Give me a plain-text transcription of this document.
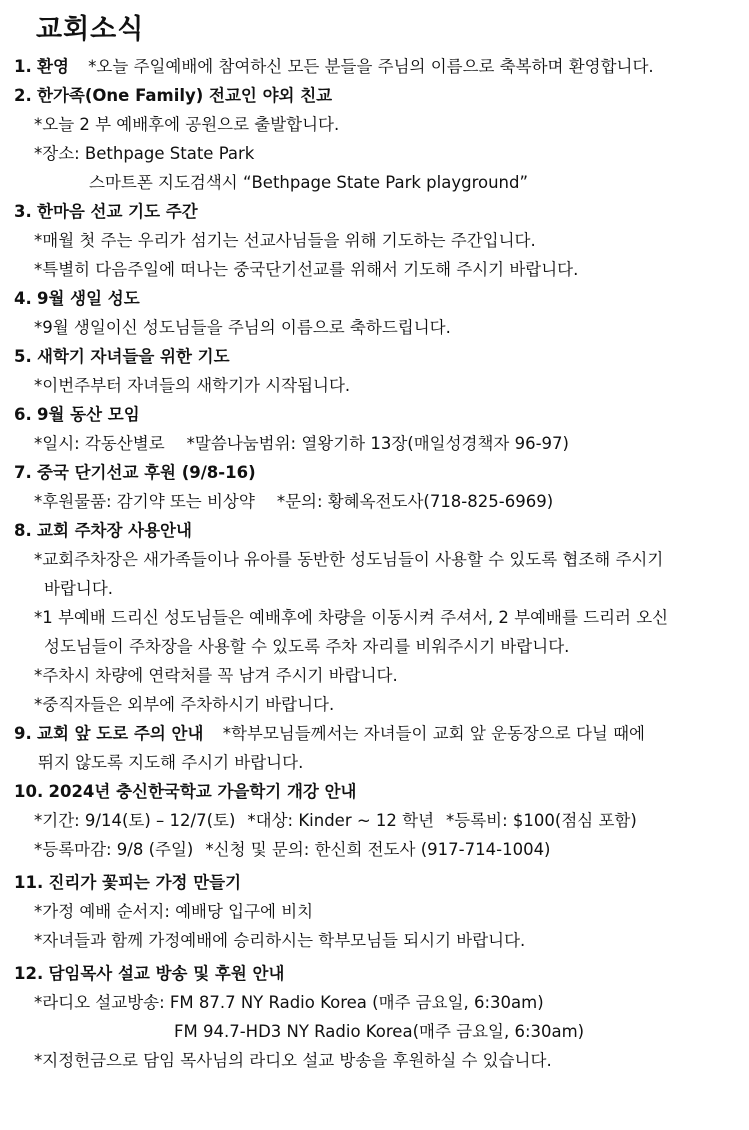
교회소식
1. 환영 *오늘 주일예배에 참여하신 모든 분들을 주님의 이름으로 축복하며 환영합니다.
2. 한가족(One Family) 전교인 야외 친교
*오늘 2 부 예배후에 공원으로 출발합니다.
*장소: Bethpage State Park
스마트폰 지도검색시 “Bethpage State Park playground”
3. 한마음 선교 기도 주간
*매월 첫 주는 우리가 섬기는 선교사님들을 위해 기도하는 주간입니다.
*특별히 다음주일에 떠나는 중국단기선교를 위해서 기도해 주시기 바랍니다.
4. 9월 생일 성도
*9월 생일이신 성도님들을 주님의 이름으로 축하드립니다.
5. 새학기 자녀들을 위한 기도
*이번주부터 자녀들의 새학기가 시작됩니다.
6. 9월 동산 모임
*일시: 각동산별로 *말씀나눔범위: 열왕기하 13장(매일성경책자 96-97)
7. 중국 단기선교 후원 (9/8-16)
*후원물품: 감기약 또는 비상약 *문의: 황혜옥전도사(718-825-6969)
8. 교회 주차장 사용안내
*교회주차장은 새가족들이나 유아를 동반한 성도님들이 사용할 수 있도록 협조해 주시기
바랍니다.
*1 부예배 드리신 성도님들은 예배후에 차량을 이동시켜 주셔서, 2 부예배를 드리러 오신
성도님들이 주차장을 사용할 수 있도록 주차 자리를 비워주시기 바랍니다.
*주차시 차량에 연락처를 꼭 남겨 주시기 바랍니다.
*중직자들은 외부에 주차하시기 바랍니다.
9. 교회 앞 도로 주의 안내 *학부모님들께서는 자녀들이 교회 앞 운동장으로 다닐 때에
뛰지 않도록 지도해 주시기 바랍니다.
10. 2024년 충신한국학교 가을학기 개강 안내
*기간: 9/14(토) – 12/7(토) *대상: Kinder ~ 12 학년 *등록비: $100(점심 포함)
*등록마감: 9/8 (주일) *신청 및 문의: 한신희 전도사 (917-714-1004)
11. 진리가 꽃피는 가정 만들기
*가정 예배 순서지: 예배당 입구에 비치
*자녀들과 함께 가정예배에 승리하시는 학부모님들 되시기 바랍니다.
12. 담임목사 설교 방송 및 후원 안내
*라디오 설교방송: FM 87.7 NY Radio Korea (매주 금요일, 6:30am)
FM 94.7-HD3 NY Radio Korea(매주 금요일, 6:30am)
*지정헌금으로 담임 목사님의 라디오 설교 방송을 후원하실 수 있습니다.
